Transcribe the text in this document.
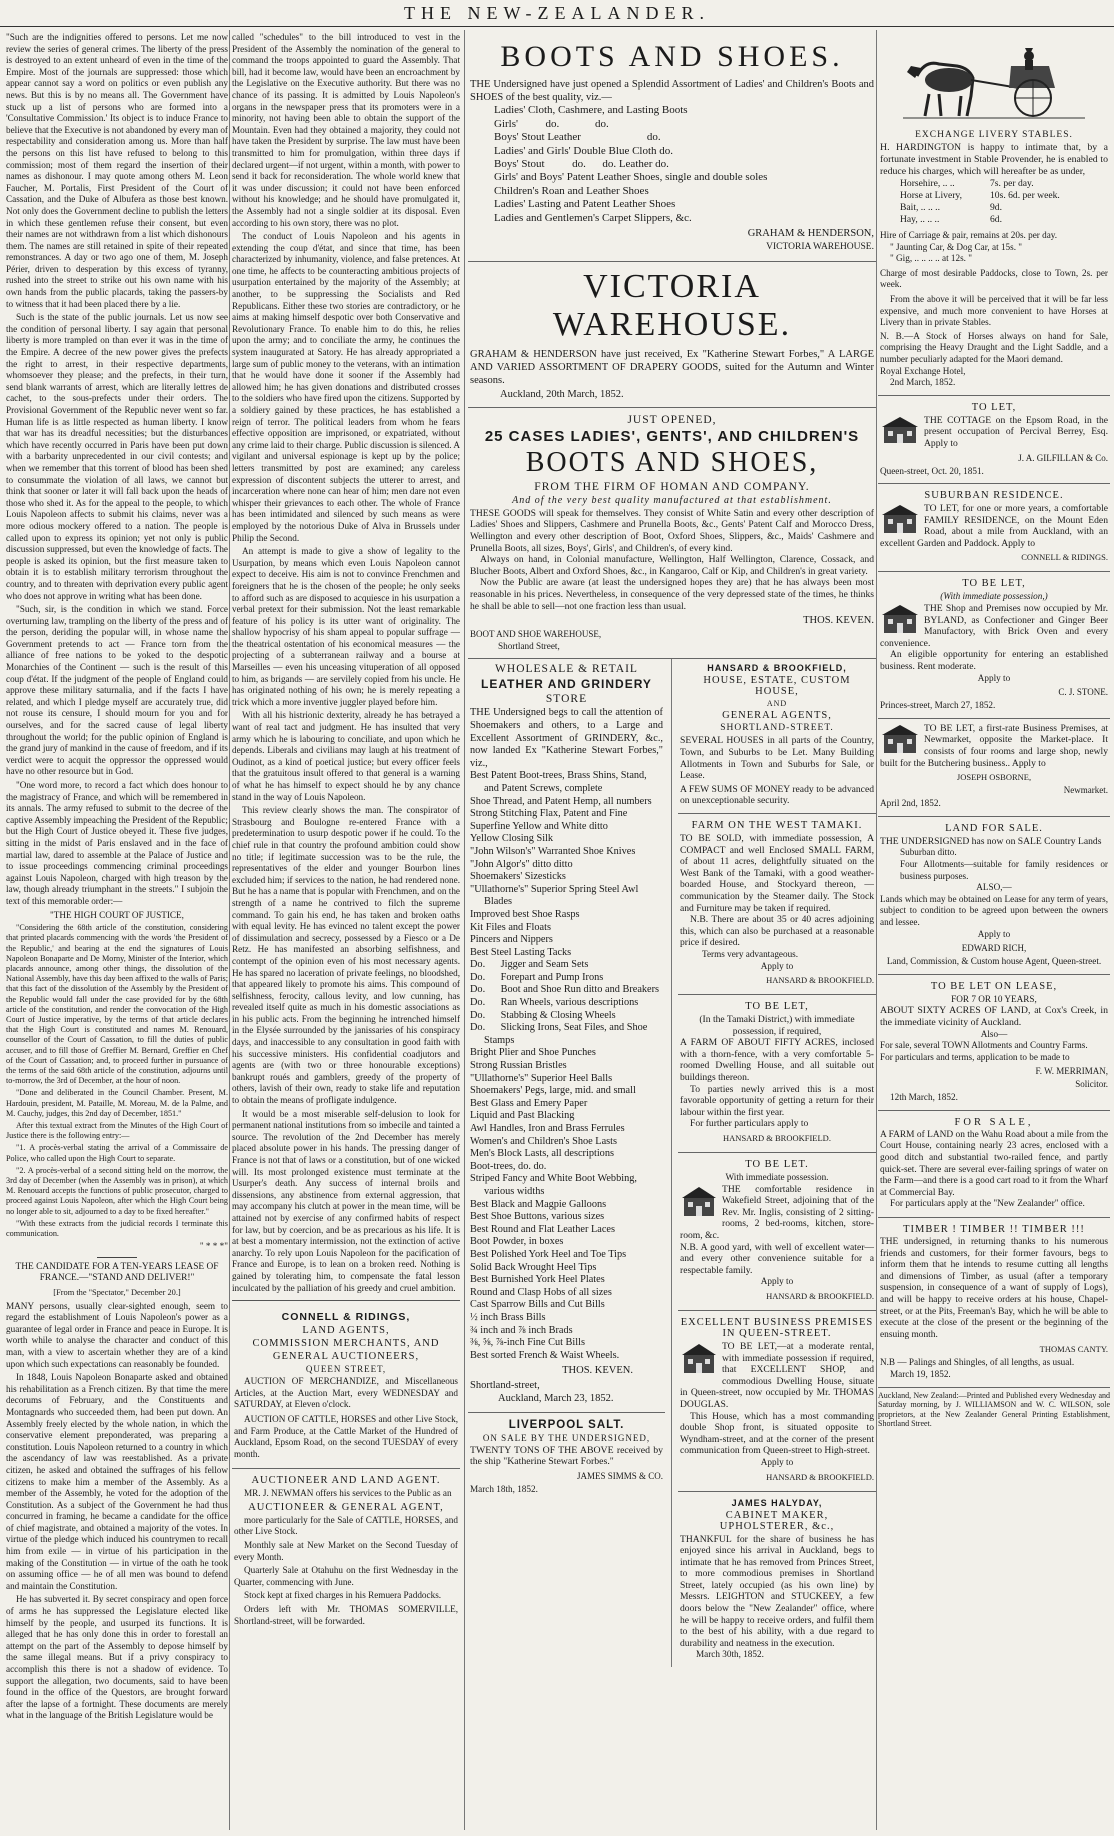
THE NEW-ZEALANDER.

"Such are the indignities offered to persons. Let me now review the series of general crimes. The liberty of the press is destroyed to an extent unheard of even in the time of the Empire. Most of the journals are suppressed: those which appear cannot say a word on politics or even publish any news. But this is by no means all. The Government have stuck up a list of persons who are formed into a 'Consultative Commission.' Its object is to induce France to believe that the Executive is not abandoned by every man of respectability and consideration among us. More than half the persons on this list have refused to belong to this commission; most of them regard the insertion of their names as dishonour. I may quote among others M. Leon Faucher, M. Portalis, First President of the Court of Cassation, and the Duke of Albufera as those best known. Not only does the Government decline to publish the letters in which these gentlemen refuse their consent, but even their names are not withdrawn from a list which dishonours them. The names are still retained in spite of their repeated remonstrances. A day or two ago one of them, M. Joseph Périer, driven to desperation by this excess of tyranny, rushed into the street to strike out his own name with his own hands from the public placards, taking the passers-by to witness that it had been placed there by a lie.

Such is the state of the public journals. Let us now see the condition of personal liberty. I say again that personal liberty is more trampled on than ever it was in the time of the Empire. A decree of the new power gives the prefects the right to arrest, in their respective departments, whomsoever they please; and the prefects, in their turn, send blank warrants of arrest, which are literally lettres de cachet, to the sous-prefects under their orders. The Provisional Government of the Republic never went so far. Human life is as little respected as human liberty. I know that war has its dreadful necessities; but the disturbances which have recently occurred in Paris have been put down with a barbarity unprecedented in our civil contests; and when we remember that this torrent of blood has been shed to consummate the violation of all laws, we cannot but think that sooner or later it will fall back upon the heads of those who shed it. As for the appeal to the people, to which Louis Napoleon affects to submit his claims, never was a more odious mockery offered to a nation. The people is called upon to express its opinion; yet not only is public discussion suppressed, but even the knowledge of facts. The people is asked its opinion, but the first measure taken to obtain it is to establish military terrorism throughout the country, and to threaten with deprivation every public agent who does not approve in writing what has been done.

"Such, sir, is the condition in which we stand. Force overturning law, trampling on the liberty of the press and of the person, deriding the popular will, in whose name the Government pretends to act — France torn from the alliance of free nations to be yoked to the despotic Monarchies of the Continent — such is the result of this coup d'état. If the judgment of the people of England could approve these military saturnalia, and if the facts I have related, and which I pledge myself are accurately true, did not rouse its censure, I should mourn for you and for ourselves, and for the sacred cause of legal liberty throughout the world; for the public opinion of England is the grand jury of mankind in the cause of freedom, and if its verdict were to acquit the oppressor the oppressed would have no other resource but in God.

"One word more, to record a fact which does honour to the magistracy of France, and which will be remembered in its annals. The army refused to submit to the decree of the captive Assembly impeaching the President of the Republic; but the High Court of Justice obeyed it. These five judges, sitting in the midst of Paris enslaved and in the face of martial law, dared to assemble at the Palace of Justice and to issue proceedings commencing criminal proceedings against Louis Napoleon, charged with high treason by the law, though already triumphant in the streets." I subjoin the text of this memorable order:—

"THE HIGH COURT OF JUSTICE,

"Considering the 68th article of the constitution, considering that printed placards commencing with the words 'the President of the Republic,' and bearing at the end the signatures of Louis Napoleon Bonaparte and De Morny, Minister of the Interior, which placards announce, among other things, the dissolution of the National Assembly, have this day been affixed to the walls of Paris; that this fact of the dissolution of the Assembly by the President of the Republic would fall under the case provided for by the 68th article of the constitution, and render the convocation of the High Court of Justice imperative, by the terms of that article declares that the High Court is constituted and names M. Renouard, counsellor of the Court of Cassation, to fill the duties of public accuser, and to fill those of Greffier M. Bernard, Greffier en Chef of the Court of Cassation; and, to proceed further in pursuance of the terms of the said 68th article of the constitution, adjourns until to-morrow, the 3rd of December, at the hour of noon.

"Done and deliberated in the Council Chamber. Present, M. Hardouin, president, M. Pataille, M. Moreau, M. de la Palme, and M. Cauchy, judges, this 2nd day of December, 1851."

After this textual extract from the Minutes of the High Court of Justice there is the following entry:—

"1. A procès-verbal stating the arrival of a Commissaire de Police, who called upon the High Court to separate.

"2. A procès-verbal of a second sitting held on the morrow, the 3rd day of December (when the Assembly was in prison), at which M. Renouard accepts the functions of public prosecutor, charged to proceed against Louis Napoleon, after which the High Court being no longer able to sit, adjourned to a day to be fixed hereafter."

"With these extracts from the judicial records I terminate this communication.

" * * *"

THE CANDIDATE FOR A TEN-YEARS LEASE OF FRANCE.—"STAND AND DELIVER!"

[From the "Spectator," December 20.]

MANY persons, usually clear-sighted enough, seem to regard the establishment of Louis Napoleon's power as a guarantee of legal order in France and peace in Europe. It is worth while to analyse the character and conduct of this man, with a view to ascertain whether they are of a kind upon which such expectations can reasonably be founded.

In 1848, Louis Napoleon Bonaparte asked and obtained his rehabilitation as a French citizen. By that time the mere decorums of February, and the Constituents and Montagnards who succeeded them, had been put down. An Assembly freely elected by the whole nation, in which the conservative element preponderated, was preparing a constitution. Louis Napoleon returned to a country in which the ascendancy of law was reestablished. As a private citizen, he asked and obtained the suffrages of his fellow citizens to make him a member of the Assembly. As a member of the Assembly, he voted for the adoption of the Constitution. As a subject of the Government he had thus concurred in framing, he became a candidate for the office of chief magistrate, and obtained a majority of the votes. In virtue of the pledge which induced his countrymen to recall him from exile — in virtue of his participation in the making of the Constitution — in virtue of the oath he took on assuming office — he of all men was bound to defend and maintain the Constitution.

He has subverted it. By secret conspiracy and open force of arms he has suppressed the Legislature elected like himself by the people, and usurped its functions. It is alleged that he has only done this in order to forestall an attempt on the part of the Assembly to depose himself by the same illegal means. But if a privy conspiracy to accomplish this there is not a shadow of evidence. To support the allegation, two documents, said to have been found in the office of the Questors, are brought forward after the lapse of a fortnight. These documents are merely what in the language of the British Legislature would be

called "schedules" to the bill introduced to vest in the President of the Assembly the nomination of the general to command the troops appointed to guard the Assembly. That bill, had it become law, would have been an encroachment by the Legislative on the Executive authority. But there was no chance of its passing. It is admitted by Louis Napoleon's organs in the newspaper press that its promoters were in a minority, not having been able to obtain the support of the Mountain. Even had they obtained a majority, they could not have taken the President by surprise. The law must have been transmitted to him for promulgation, within three days if declared urgent—if not urgent, within a month, with power to send it back for reconsideration. The whole world knew that it was under discussion; it could not have been enforced without his knowledge; and he should have promulgated it, the Assembly had not a single soldier at its disposal. Even according to his own story, there was no plot.

The conduct of Louis Napoleon and his agents in extending the coup d'état, and since that time, has been characterized by inhumanity, violence, and false pretences. At one time, he affects to be counteracting ambitious projects of usurpation entertained by the majority of the Assembly; at another, to be suppressing the Socialists and Red Republicans. Either these two stories are contradictory, or he aims at making himself despotic over both Conservative and Revolutionary France. To enable him to do this, he relies upon the army; and to conciliate the army, he continues the system inaugurated at Satory. He has already appropriated a large sum of public money to the veterans, with an intimation that he would have done it sooner if the Assembly had allowed him; he has given donations and distributed crosses to the soldiers who have fired upon the citizens. Supported by a soldiery gained by these practices, he has established a reign of terror. The political leaders from whom he fears effective opposition are imprisoned, or expatriated, without any crime laid to their charge. Public discussion is silenced. A vigilant and universal espionage is kept up by the police; letters transmitted by post are examined; any careless expression of discontent subjects the utterer to arrest, and incarceration where none can hear of him; men dare not even whisper their grievances to each other. The whole of France has been intimidated and silenced by such means as were employed by the notorious Duke of Alva in Brussels under Philip the Second.

An attempt is made to give a show of legality to the Usurpation, by means which even Louis Napoleon cannot expect to deceive. His aim is not to convince Frenchmen and foreigners that he is the chosen of the people; he only seeks to afford such as are disposed to acquiesce in his usurpation a verbal pretext for their submission. Not the least remarkable feature of his policy is its utter want of originality. The shallow hypocrisy of his sham appeal to popular suffrage — the theatrical ostentation of his economical measures — the projecting of a subterranean railway and a bourse at Marseilles — even his unceasing vituperation of all opposed to him, as brigands — are servilely copied from his uncle. He has originated nothing of his own; he is merely repeating a trick which a more inventive juggler played before him.

With all his histrionic dexterity, already he has betrayed a want of real tact and judgment. He has insulted that very army which he is labouring to conciliate, and upon which he depends. Liberals and civilians may laugh at his treatment of Oudinot, as a kind of poetical justice; but every officer feels that the gratuitous insult offered to that general is a warning of what he has himself to expect should he by any chance stand in the way of Louis Napoleon.

This review clearly shows the man. The conspirator of Strasbourg and Boulogne re-entered France with a predetermination to usurp despotic power if he could. To the chief rule in that country the profound ambition could show no title; if legitimate succession was to be the rule, the representatives of the elder and younger Bourbon lines excluded him; if services to the nation, he had rendered none. But he has a name that is popular with Frenchmen, and on the strength of a name he contrived to filch the supreme command. To gain his end, he has taken and broken oaths with equal levity. He has evinced no talent except the power of dissimulation and secrecy, possessed by a Fiesco or a De Retz. He has manifested an absorbing selfishness, and contempt of the opinion even of his most necessary agents. He has spared no laceration of private feelings, no bloodshed, that appeared likely to promote his aims. This compound of selfishness, ferocity, callous levity, and low cunning, has revealed itself quite as much in his domestic associations as in his public acts. From the beginning he intrenched himself in the Elysée surrounded by the janissaries of his conspiracy days, and inaccessible to any consultation in good faith with his successive ministers. His confidential coadjutors and agents are (with two or three honourable exceptions) bankrupt roués and gamblers, greedy of the property of others, lavish of their own, ready to stake life and reputation to obtain the means of profligate indulgence.

It would be a most miserable self-delusion to look for permanent national institutions from so imbecile and tainted a source. The revolution of the 2nd December has merely placed absolute power in his hands. The pressing danger of France is not that of laws or a constitution, but of one wicked will. Its most prolonged existence must terminate at the Usurper's death. Any success of internal broils and dissensions, any abstinence from external aggression, that may accompany his clutch at power in the mean time, will be attained not by exercise of any confirmed habits of respect for law, but by coercion, and be as precarious as his life. It is at best a momentary intermission, not the extinction of active anarchy. To rely upon Louis Napoleon for the pacification of France and Europe, is to lean on a broken reed. Nothing is gained by tolerating him, to compensate the fatal lesson inculcated by the palliation of his greedy and cruel ambition.

CONNELL & RIDINGS,
LAND AGENTS,
COMMISSION MERCHANTS, AND
GENERAL AUCTIONEERS,
QUEEN STREET,

AUCTION OF MERCHANDIZE, and Miscellaneous Articles, at the Auction Mart, every WEDNESDAY and SATURDAY, at Eleven o'clock.

AUCTION OF CATTLE, HORSES and other Live Stock, and Farm Produce, at the Cattle Market of the Hundred of Auckland, Epsom Road, on the second TUESDAY of every month.

AUCTIONEER AND LAND AGENT.

MR. J. NEWMAN offers his services to the Public as an

AUCTIONEER & GENERAL AGENT,

more particularly for the Sale of CATTLE, HORSES, and other Live Stock.

Monthly sale at New Market on the Second Tuesday of every Month.

Quarterly Sale at Otahuhu on the first Wednesday in the Quarter, commencing with June.

Stock kept at fixed charges in his Remuera Paddocks.

Orders left with Mr. THOMAS SOMERVILLE, Shortland-street, will be forwarded.

BOOTS AND SHOES.

THE Undersigned have just opened a Splendid Assortment of Ladies' and Children's Boots and SHOES of the best quality, viz.—

Ladies' Cloth, Cashmere, and Lasting Boots
Girls'          do.             do.
Boys' Stout Leather                        do.
Ladies' and Girls' Double Blue Cloth do.
Boys' Stout          do.      do. Leather do.
Girls' and Boys' Patent Leather Shoes, single and double soles
Children's Roan and Leather Shoes
Ladies' Lasting and Patent Leather Shoes
Ladies and Gentlemen's Carpet Slippers, &c.
GRAHAM & HENDERSON,
VICTORIA WAREHOUSE.
VICTORIA WAREHOUSE.

GRAHAM & HENDERSON have just received, Ex "Katherine Stewart Forbes," A LARGE AND VARIED ASSORTMENT OF DRAPERY GOODS, suited for the Autumn and Winter seasons.

Auckland, 20th March, 1852.

JUST OPENED,
25 CASES LADIES', GENTS', AND CHILDREN'S
BOOTS AND SHOES,
FROM THE FIRM OF HOMAN AND COMPANY.
And of the very best quality manufactured at that establishment.

THESE GOODS will speak for themselves. They consist of White Satin and every other description of Ladies' Shoes and Slippers, Cashmere and Prunella Boots, &c., Gents' Patent Calf and Morocco Dress, Wellington and every other description of Boot, Oxford Shoes, Slippers, &c., Maids' Cashmere and Prunella Boots, all sizes, Boys', Girls', and Children's, of every kind.

Always on hand, in Colonial manufacture, Wellington, Half Wellington, Clarence, Cossack, and Blucher Boots, Albert and Oxford Shoes, &c., in Kangaroo, Calf or Kip, and Children's in great variety.

Now the Public are aware (at least the undersigned hopes they are) that he has always been most reasonable in his prices. Nevertheless, in consequence of the very depressed state of the times, he thinks he shall be able to sell—not one fraction less than usual.

THOS. KEVEN.

BOOT AND SHOE WAREHOUSE,

Shortland Street,

WHOLESALE & RETAIL
LEATHER AND GRINDERY
STORE

THE Undersigned begs to call the attention of Shoemakers and others, to a Large and Excellent Assortment of GRINDERY, &c., now landed Ex "Katherine Stewart Forbes," viz.,

Best Patent Boot-trees, Brass Shins, Stand, and Patent Screws, complete
Shoe Thread, and Patent Hemp, all numbers
Strong Stitching Flax, Patent and Fine
Superfine Yellow and White ditto
Yellow Closing Silk
"John Wilson's" Warranted Shoe Knives
"John Algor's" ditto ditto
Shoemakers' Sizesticks
"Ullathorne's" Superior Spring Steel Awl Blades
Improved best Shoe Rasps
Kit Files and Floats
Pincers and Nippers
Best Steel Lasting Tacks
Do.      Jigger and Seam Sets
Do.      Forepart and Pump Irons
Do.      Boot and Shoe Run ditto and Breakers
Do.      Ran Wheels, various descriptions
Do.      Stabbing & Closing Wheels
Do.      Slicking Irons, Seat Files, and Shoe Stamps
Bright Plier and Shoe Punches
Strong Russian Bristles
"Ullathorne's" Superior Heel Balls
Shoemakers' Pegs, large, mid. and small
Best Glass and Emery Paper
Liquid and Past Blacking
Awl Handles, Iron and Brass Ferrules
Women's and Children's Shoe Lasts
Men's Block Lasts, all descriptions
Boot-trees, do. do.
Striped Fancy and White Boot Webbing, various widths
Best Black and Magpie Galloons
Best Shoe Buttons, various sizes
Best Round and Flat Leather Laces
Boot Powder, in boxes
Best Polished York Heel and Toe Tips
Solid Back Wrought Heel Tips
Best Burnished York Heel Plates
Round and Clasp Hobs of all sizes
Cast Sparrow Bills and Cut Bills
½ inch Brass Bills
¾ inch and ⅞ inch Brads
⅜, ⅝, ⅞-inch Fine Cut Bills
Best sorted French & Waist Wheels.
THOS. KEVEN.

Shortland-street,

Auckland, March 23, 1852.

LIVERPOOL SALT.
ON SALE BY THE UNDERSIGNED,

TWENTY TONS OF THE ABOVE received by the ship "Katherine Stewart Forbes."

JAMES SIMMS & CO.

March 18th, 1852.

HANSARD & BROOKFIELD,
HOUSE, ESTATE, CUSTOM HOUSE,
AND
GENERAL AGENTS,
SHORTLAND-STREET.

SEVERAL HOUSES in all parts of the Country, Town, and Suburbs to be Let. Many Building Allotments in Town and Suburbs for Sale, or Lease.

A FEW SUMS OF MONEY ready to be advanced on unexceptionable security.

FARM ON THE WEST TAMAKI.

TO BE SOLD, with immediate possession, A COMPACT and well Enclosed SMALL FARM, of about 11 acres, delightfully situated on the West Bank of the Tamaki, with a good weather-boarded House, and Stockyard thereon, — communication by the Steamer daily. The Stock and Furniture may be taken if required.

N.B. There are about 35 or 40 acres adjoining this, which can also be purchased at a reasonable price if desired.

Terms very advantageous.

Apply to

HANSARD & BROOKFIELD.
TO BE LET,

(In the Tamaki District,) with immediate possession, if required,

A FARM OF ABOUT FIFTY ACRES, inclosed with a thorn-fence, with a very comfortable 5-roomed Dwelling House, and all suitable out buildings thereon.

To parties newly arrived this is a most favorable opportunity of getting a return for their labour within the first year.

For further particulars apply to

HANSARD & BROOKFIELD.
TO BE LET.

With immediate possession.

THE comfortable residence in Wakefield Street, adjoining that of the Rev. Mr. Inglis, consisting of 2 sitting-rooms, 2 bed-rooms, kitchen, store-room, &c.

N.B. A good yard, with well of excellent water—and every other convenience suitable for a respectable family.

Apply to

HANSARD & BROOKFIELD.
EXCELLENT BUSINESS PREMISES IN QUEEN-STREET.

TO BE LET,—at a moderate rental, with immediate possession if required, that EXCELLENT SHOP, and commodious Dwelling House, situate in Queen-street, now occupied by Mr. THOMAS DOUGLAS.

This House, which has a most commanding double Shop front, is situated opposite to Wyndham-street, and at the corner of the present communication from Queen-street to High-street.

Apply to

HANSARD & BROOKFIELD.
JAMES HALYDAY,
CABINET MAKER, UPHOLSTERER, &c.,

THANKFUL for the share of business he has enjoyed since his arrival in Auckland, begs to intimate that he has removed from Princes Street, to more commodious premises in Shortland Street, lately occupied (as his own line) by Messrs. LEIGHTON and STUCKEEY, a few doors below the "New Zealander" office, where he will be happy to receive orders, and fulfil them to the best of his ability, with a due regard to durability and neatness in the execution.

March 30th, 1852.

EXCHANGE LIVERY STABLES.

H. HARDINGTON is happy to intimate that, by a fortunate investment in Stable Provender, he is enabled to reduce his charges, which will hereafter be as under,

Horsehire, .. ..	7s. per day.
Horse at Livery,	10s. 6d. per week.
Bait, .. .. ..	9d.
Hay, .. .. ..	6d.

Hire of Carriage & pair, remains at 20s. per day.

" Jaunting Car, & Dog Car, at 15s. "

" Gig, .. .. .. .. at 12s. "

Charge of most desirable Paddocks, close to Town, 2s. per week.

From the above it will be perceived that it will be far less expensive, and much more convenient to have Horses at Livery than in private Stables.

N. B.—A Stock of Horses always on hand for Sale, comprising the Heavy Draught and the Light Saddle, and a number peculiarly adapted for the Maori demand.

Royal Exchange Hotel,

2nd March, 1852.

TO LET,

THE COTTAGE on the Epsom Road, in the present occupation of Percival Berrey, Esq. Apply to

J. A. GILFILLAN & Co.

Queen-street, Oct. 20, 1851.

SUBURBAN RESIDENCE.

TO LET, for one or more years, a comfortable FAMILY RESIDENCE, on the Mount Eden Road, about a mile from Auckland, with an excellent Garden and Paddock. Apply to

CONNELL & RIDINGS.
TO BE LET,

(With immediate possession,)

THE Shop and Premises now occupied by Mr. BYLAND, as Confectioner and Ginger Beer Manufactory, with Brick Oven and every convenience.

An eligible opportunity for entering an established business. Rent moderate.

Apply to

C. J. STONE.

Princes-street, March 27, 1852.

TO BE LET, a first-rate Business Premises, at Newmarket, opposite the Market-place. It consists of four rooms and large shop, newly built for the Butchering business.. Apply to

JOSEPH OSBORNE,
Newmarket.

April 2nd, 1852.

LAND FOR SALE.

THE UNDERSIGNED has now on SALE Country Lands

Suburban ditto.

Four Allotments—suitable for family residences or business purposes.

ALSO,—

Lands which may be obtained on Lease for any term of years, subject to condition to be agreed upon between the owners and lessee.

Apply to

EDWARD RICH,

Land, Commission, & Custom house Agent, Queen-street.

TO BE LET ON LEASE,

FOR 7 OR 10 YEARS,

ABOUT SIXTY ACRES OF LAND, at Cox's Creek, in the immediate vicinity of Auckland.

Also—

For sale, several TOWN Allotments and Country Farms.

For particulars and terms, application to be made to

F. W. MERRIMAN,
Solicitor.

12th March, 1852.

FOR SALE,

A FARM of LAND on the Wahu Road about a mile from the Court House, containing nearly 23 acres, enclosed with a good ditch and substantial two-railed fence, and partly quick-set. There are several ever-failing springs of water on the Farm—and there is a good cart road to it from the Wharf at Commercial Bay.

For particulars apply at the "New Zealander" office.

TIMBER ! TIMBER !! TIMBER !!!

THE undersigned, in returning thanks to his numerous friends and customers, for their former favours, begs to inform them that he intends to resume cutting all lengths and dimensions of Timber, as usual (after a temporary suspension, in consequence of a want of supply of Logs), and will be happy to receive orders at his house, Chapel-street, or at the Pits, Freeman's Bay, which he will be able to execute at the close of the present or the beginning of the ensuing month.

THOMAS CANTY.

N.B — Palings and Shingles, of all lengths, as usual.

March 19, 1852.

Auckland, New Zealand:—Printed and Published every Wednesday and Saturday morning, by J. WILLIAMSON and W. C. WILSON, sole proprietors, at the New Zealander General Printing Establishment, Shortland Street.
